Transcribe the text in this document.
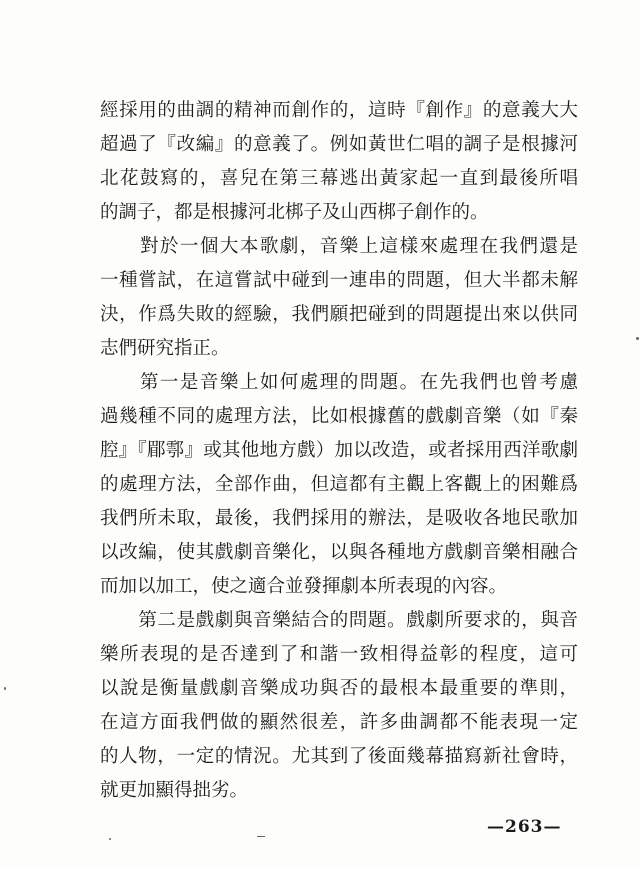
經採用的曲調的精神而創作的，這時『創作』的意義大大
超過了『改編』的意義了。例如黃世仁唱的調子是根據河
北花鼓寫的，喜兒在第三幕逃出黃家起一直到最後所唱
的調子，都是根據河北梆子及山西梆子創作的。
　　對於一個大本歌劇，音樂上這樣來處理在我們還是
一種嘗試，在這嘗試中碰到一連串的問題，但大半都未解
決，作爲失敗的經驗，我們願把碰到的問題提出來以供同
志們研究指正。
　　第一是音樂上如何處理的問題。在先我們也曾考慮
過幾種不同的處理方法，比如根據舊的戲劇音樂（如『秦
腔』『郿鄠』或其他地方戲）加以改造，或者採用西洋歌劇
的處理方法，全部作曲，但這都有主觀上客觀上的困難爲
我們所未取，最後，我們採用的辦法，是吸收各地民歌加
以改編，使其戲劇音樂化，以與各種地方戲劇音樂相融合
而加以加工，使之適合並發揮劇本所表現的內容。
　　第二是戲劇與音樂結合的問題。戲劇所要求的，與音
樂所表現的是否達到了和諧一致相得益彰的程度，這可
以說是衡量戲劇音樂成功與否的最根本最重要的準則，
在這方面我們做的顯然很差，許多曲調都不能表現一定
的人物，一定的情況。尤其到了後面幾幕描寫新社會時，
就更加顯得拙劣。
—263—
